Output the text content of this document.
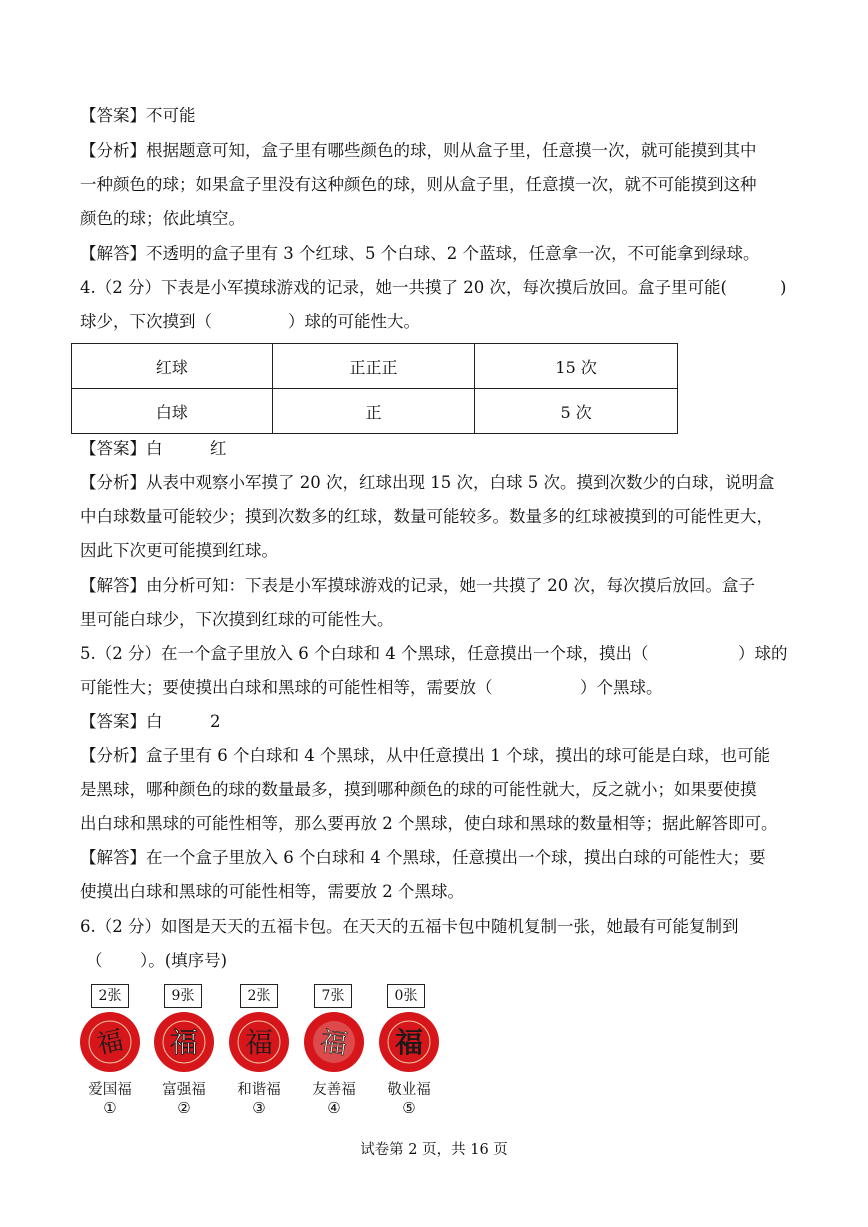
【答案】不可能
【分析】根据题意可知，盒子里有哪些颜色的球，则从盒子里，任意摸一次，就可能摸到其中
一种颜色的球；如果盒子里没有这种颜色的球，则从盒子里，任意摸一次，就不可能摸到这种
颜色的球；依此填空。
【解答】不透明的盒子里有 3 个红球、5 个白球、2 个蓝球，任意拿一次，不可能拿到绿球。
4.（2 分）下表是小军摸球游戏的记录，她一共摸了 20 次，每次摸后放回。盒子里可能(	)
球少，下次摸到（	）球的可能性大。
红球	正正正	15 次
白球	正	5 次
【答案】白	红
【分析】从表中观察小军摸了 20 次，红球出现 15 次，白球 5 次。摸到次数少的白球，说明盒
中白球数量可能较少；摸到次数多的红球，数量可能较多。数量多的红球被摸到的可能性更大，
因此下次更可能摸到红球。
【解答】由分析可知：下表是小军摸球游戏的记录，她一共摸了 20 次，每次摸后放回。盒子
里可能白球少，下次摸到红球的可能性大。
5.（2 分）在一个盒子里放入 6 个白球和 4 个黑球，任意摸出一个球，摸出（	）球的
可能性大；要使摸出白球和黑球的可能性相等，需要放（	）个黑球。
【答案】白	2
【分析】盒子里有 6 个白球和 4 个黑球，从中任意摸出 1 个球，摸出的球可能是白球，也可能
是黑球，哪种颜色的球的数量最多，摸到哪种颜色的球的可能性就大，反之就小；如果要使摸
出白球和黑球的可能性相等，那么要再放 2 个黑球，使白球和黑球的数量相等；据此解答即可。
【解答】在一个盒子里放入 6 个白球和 4 个黑球，任意摸出一个球，摸出白球的可能性大；要
使摸出白球和黑球的可能性相等，需要放 2 个黑球。
6.（2 分）如图是天天的五福卡包。在天天的五福卡包中随机复制一张，她最有可能复制到
（ ）。(填序号)
2张	9张	2张	7张	0张
福 福 福 福 福
爱国福	富强福	和谐福	友善福	敬业福
①	②	③	④	⑤
试卷第 2 页，共 16 页
